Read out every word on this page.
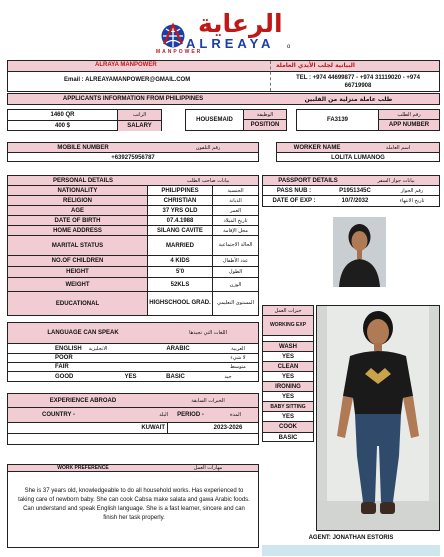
الرعاية
ALREAYA
MANPOWER
o
ALRAYA MANPOWER	البيانية لجلب الأيدي العاملة
Email : ALREAYAMANPOWER@GMAIL.COM	TEL : +974 44699877 - +974 31119020 - +974 66719908
APPLICANTS INFORMATION FROM PHILIPPINES	طلب عاملة منزلية من الفلبين
1460 QR
400 $
الراتب
SALARY
HOUSEMAID
الوظيفة
POSITION
FA3139
رقم الطلب
APP NUMBER
MOBILE NUMBER	رقم التلفون
+639275956787
WORKER NAME	اسم العاملة
LOLITA LUMANOG
PERSONAL DETAILS	بيانات صاحب الطلب
NATIONALITY	PHILIPPINES	الجنسية
RELIGION	CHRISTIAN	الديانة
AGE	37 YRS OLD	العمر
DATE OF BIRTH	07.4.1988	تاريخ الميلاد
HOME ADDRESS	SILANG CAVITE	محل الإقامة
MARITAL STATUS	MARRIED	الحالة الاجتماعية
NO.OF CHILDREN	4 KIDS	عدد الأطفال
HEIGHT	5'0	الطول
WEIGHT	52KLS	الوزن
EDUCATIONAL	HIGHSCHOOL GRAD.	المستوى التعليمي
PASSPORT DETAILS	بيانات جواز السفر
PASS NUB :	P1951345C	رقم الجواز
DATE OF EXP :	10/7/2032	تاريخ الانتهاء
LANGUAGE CAN SPEAK	اللغات التي تجيدها
ENGLISH	الانجليزية	ARABIC	العربية
POOR	لا شيء
FAIR	متوسط
GOOD	YES	BASIC	جيد
خبرات العمل
WORKING EXP
WASH
YES
CLEAN
YES
IRONING
YES
BABY SITTING
YES
COOK
BASIC
EXPERIENCE ABROAD	الخبرات السابقة
COUNTRY -	البلد	PERIOD -	المدة
KUWAIT	2023-2026
WORK PREFERENCE	مهارات العمل
She is 37 years old, knowledgeable to do all household works. Has experienced to taking care of newborn baby. She can cook Cabsa make salata and gawa Arabic foods. Can understand and speak English language. She is a fast learner, sincere and can finish her task properly.
AGENT: JONATHAN ESTORIS
